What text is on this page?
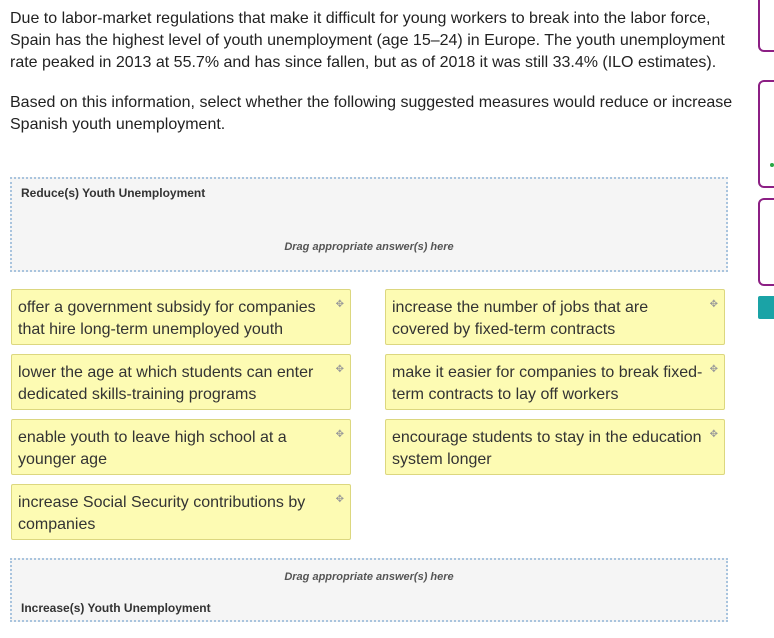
Due to labor-market regulations that make it difficult for young workers to break into the labor force, Spain has the highest level of youth unemployment (age 15–24) in Europe. The youth unemployment rate peaked in 2013 at 55.7% and has since fallen, but as of 2018 it was still 33.4% (ILO estimates).

Based on this information, select whether the following suggested measures would reduce or increase Spanish youth unemployment.

Reduce(s) Youth Unemployment
Drag appropriate answer(s) here
offer a government subsidy for companies that hire long-term unemployed youth
✥	increase the number of jobs that are covered by fixed-term contracts
✥
lower the age at which students can enter dedicated skills-training programs
✥	make it easier for companies to break fixed-term contracts to lay off workers
✥
enable youth to leave high school at a younger age
✥	encourage students to stay in the education system longer
✥
increase Social Security contributions by companies
✥
Drag appropriate answer(s) here
Increase(s) Youth Unemployment
